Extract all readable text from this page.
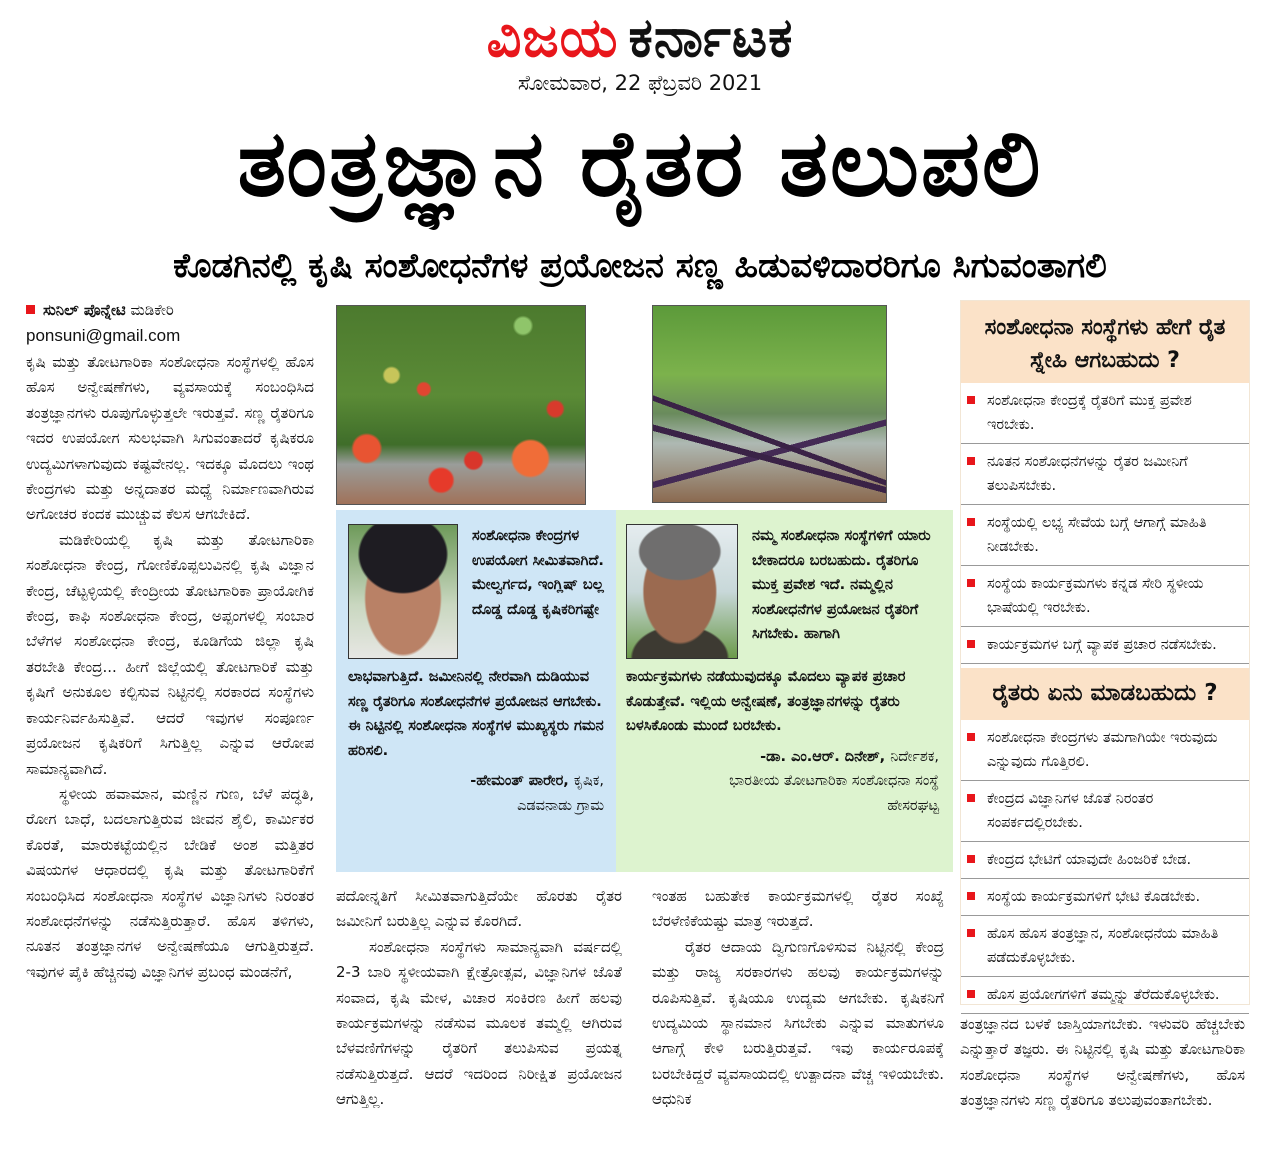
ವಿಜಯ ಕರ್ನಾಟಕ
ಸೋಮವಾರ, 22 ಫೆಬ್ರವರಿ 2021
ತಂತ್ರಜ್ಞಾನ ರೈತರ ತಲುಪಲಿ
ಕೊಡಗಿನಲ್ಲಿ ಕೃಷಿ ಸಂಶೋಧನೆಗಳ ಪ್ರಯೋಜನ ಸಣ್ಣ ಹಿಡುವಳಿದಾರರಿಗೂ ಸಿಗುವಂತಾಗಲಿ
ಸುನಿಲ್ ಪೊನ್ನೇಟಿ ಮಡಿಕೇರಿ
ponsuni@gmail.com

ಕೃಷಿ ಮತ್ತು ತೋಟಗಾರಿಕಾ ಸಂಶೋಧನಾ ಸಂಸ್ಥೆಗಳಲ್ಲಿ ಹೊಸ ಹೊಸ ಅನ್ವೇಷಣೆಗಳು, ವ್ಯವಸಾಯಕ್ಕೆ ಸಂಬಂಧಿಸಿದ ತಂತ್ರಜ್ಞಾನಗಳು ರೂಪುಗೊಳ್ಳುತ್ತಲೇ ಇರುತ್ತವೆ. ಸಣ್ಣ ರೈತರಿಗೂ ಇದರ ಉಪಯೋಗ ಸುಲಭವಾಗಿ ಸಿಗುವಂತಾದರೆ ಕೃಷಿಕರೂ ಉದ್ಯಮಿಗಳಾಗುವುದು ಕಷ್ಟವೇನಲ್ಲ. ಇದಕ್ಕೂ ಮೊದಲು ಇಂಥ ಕೇಂದ್ರಗಳು ಮತ್ತು ಅನ್ನದಾತರ ಮಧ್ಯೆ ನಿರ್ಮಾಣವಾಗಿರುವ ಅಗೋಚರ ಕಂದಕ ಮುಚ್ಚುವ ಕೆಲಸ ಆಗಬೇಕಿದೆ.

ಮಡಿಕೇರಿಯಲ್ಲಿ ಕೃಷಿ ಮತ್ತು ತೋಟಗಾರಿಕಾ ಸಂಶೋಧನಾ ಕೇಂದ್ರ, ಗೋಣಿಕೊಪ್ಪಲುವಿನಲ್ಲಿ ಕೃಷಿ ವಿಜ್ಞಾನ ಕೇಂದ್ರ, ಚೆಟ್ಟಳ್ಳಿಯಲ್ಲಿ ಕೇಂದ್ರೀಯ ತೋಟಗಾರಿಕಾ ಪ್ರಾಯೋಗಿಕ ಕೇಂದ್ರ, ಕಾಫಿ ಸಂಶೋಧನಾ ಕೇಂದ್ರ, ಅಪ್ಪಂಗಳಲ್ಲಿ ಸಂಬಾರ ಬೆಳೆಗಳ ಸಂಶೋಧನಾ ಕೇಂದ್ರ, ಕೂಡಿಗೆಯ ಜಿಲ್ಲಾ ಕೃಷಿ ತರಬೇತಿ ಕೇಂದ್ರ... ಹೀಗೆ ಜಿಲ್ಲೆಯಲ್ಲಿ ತೋಟಗಾರಿಕೆ ಮತ್ತು ಕೃಷಿಗೆ ಅನುಕೂಲ ಕಲ್ಪಿಸುವ ನಿಟ್ಟಿನಲ್ಲಿ ಸರಕಾರದ ಸಂಸ್ಥೆಗಳು ಕಾರ್ಯನಿರ್ವಹಿಸುತ್ತಿವೆ. ಆದರೆ ಇವುಗಳ ಸಂಪೂರ್ಣ ಪ್ರಯೋಜನ ಕೃಷಿಕರಿಗೆ ಸಿಗುತ್ತಿಲ್ಲ ಎನ್ನುವ ಆರೋಪ ಸಾಮಾನ್ಯವಾಗಿದೆ.

ಸ್ಥಳೀಯ ಹವಾಮಾನ, ಮಣ್ಣಿನ ಗುಣ, ಬೆಳೆ ಪದ್ಧತಿ, ರೋಗ ಬಾಧೆ, ಬದಲಾಗುತ್ತಿರುವ ಜೀವನ ಶೈಲಿ, ಕಾರ್ಮಿಕರ ಕೊರತೆ, ಮಾರುಕಟ್ಟೆಯಲ್ಲಿನ ಬೇಡಿಕೆ ಅಂಶ ಮತ್ತಿತರ ವಿಷಯಗಳ ಆಧಾರದಲ್ಲಿ ಕೃಷಿ ಮತ್ತು ತೋಟಗಾರಿಕೆಗೆ ಸಂಬಂಧಿಸಿದ ಸಂಶೋಧನಾ ಸಂಸ್ಥೆಗಳ ವಿಜ್ಞಾನಿಗಳು ನಿರಂತರ ಸಂಶೋಧನೆಗಳನ್ನು ನಡೆಸುತ್ತಿರುತ್ತಾರೆ. ಹೊಸ ತಳಿಗಳು, ನೂತನ ತಂತ್ರಜ್ಞಾನಗಳ ಅನ್ವೇಷಣೆಯೂ ಆಗುತ್ತಿರುತ್ತದೆ. ಇವುಗಳ ಪೈಕಿ ಹೆಚ್ಚಿನವು ವಿಜ್ಞಾನಿಗಳ ಪ್ರಬಂಧ ಮಂಡನೆಗೆ,

ಸಂಶೋಧನಾ ಕೇಂದ್ರಗಳ ಉಪಯೋಗ ಸೀಮಿತವಾಗಿದೆ. ಮೇಲ್ವರ್ಗದ, ಇಂಗ್ಲಿಷ್ ಬಲ್ಲ ದೊಡ್ಡ ದೊಡ್ಡ ಕೃಷಿಕರಿಗಷ್ಟೇ

ಲಾಭವಾಗುತ್ತಿದೆ. ಜಮೀನಿನಲ್ಲಿ ನೇರವಾಗಿ ದುಡಿಯುವ ಸಣ್ಣ ರೈತರಿಗೂ ಸಂಶೋಧನೆಗಳ ಪ್ರಯೋಜನ ಆಗಬೇಕು. ಈ ನಿಟ್ಟಿನಲ್ಲಿ ಸಂಶೋಧನಾ ಸಂಸ್ಥೆಗಳ ಮುಖ್ಯಸ್ಥರು ಗಮನ ಹರಿಸಲಿ.

-ಹೇಮಂತ್ ಪಾರೇರ, ಕೃಷಿಕ,
ಎಡವನಾಡು ಗ್ರಾಮ

ನಮ್ಮ ಸಂಶೋಧನಾ ಸಂಸ್ಥೆಗಳಿಗೆ ಯಾರು ಬೇಕಾದರೂ ಬರಬಹುದು. ರೈತರಿಗೂ ಮುಕ್ತ ಪ್ರವೇಶ ಇದೆ. ನಮ್ಮಲ್ಲಿನ ಸಂಶೋಧನೆಗಳ ಪ್ರಯೋಜನ ರೈತರಿಗೆ ಸಿಗಬೇಕು. ಹಾಗಾಗಿ

ಕಾರ್ಯಕ್ರಮಗಳು ನಡೆಯುವುದಕ್ಕೂ ಮೊದಲು ವ್ಯಾಪಕ ಪ್ರಚಾರ ಕೊಡುತ್ತೇವೆ. ಇಲ್ಲಿಯ ಅನ್ವೇಷಣೆ, ತಂತ್ರಜ್ಞಾನಗಳನ್ನು ರೈತರು ಬಳಸಿಕೊಂಡು ಮುಂದೆ ಬರಬೇಕು.

-ಡಾ. ಎಂ.ಆರ್. ದಿನೇಶ್, ನಿರ್ದೇಶಕ,
ಭಾರತೀಯ ತೋಟಗಾರಿಕಾ ಸಂಶೋಧನಾ ಸಂಸ್ಥೆ
ಹೇಸರಘಟ್ಟ

ಪದೋನ್ನತಿಗೆ ಸೀಮಿತವಾಗುತ್ತಿದೆಯೇ ಹೊರತು ರೈತರ ಜಮೀನಿಗೆ ಬರುತ್ತಿಲ್ಲ ಎನ್ನುವ ಕೊರಗಿದೆ.

ಸಂಶೋಧನಾ ಸಂಸ್ಥೆಗಳು ಸಾಮಾನ್ಯವಾಗಿ ವರ್ಷದಲ್ಲಿ 2-3 ಬಾರಿ ಸ್ಥಳೀಯವಾಗಿ ಕ್ಷೇತ್ರೋತ್ಸವ, ವಿಜ್ಞಾನಿಗಳ ಜೊತೆ ಸಂವಾದ, ಕೃಷಿ ಮೇಳ, ವಿಚಾರ ಸಂಕಿರಣ ಹೀಗೆ ಹಲವು ಕಾರ್ಯಕ್ರಮಗಳನ್ನು ನಡೆಸುವ ಮೂಲಕ ತಮ್ಮಲ್ಲಿ ಆಗಿರುವ ಬೆಳವಣಿಗೆಗಳನ್ನು ರೈತರಿಗೆ ತಲುಪಿಸುವ ಪ್ರಯತ್ನ ನಡೆಸುತ್ತಿರುತ್ತದೆ. ಆದರೆ ಇದರಿಂದ ನಿರೀಕ್ಷಿತ ಪ್ರಯೋಜನ ಆಗುತ್ತಿಲ್ಲ.

ಇಂತಹ ಬಹುತೇಕ ಕಾರ್ಯಕ್ರಮಗಳಲ್ಲಿ ರೈತರ ಸಂಖ್ಯೆ ಬೆರಳೆಣಿಕೆಯಷ್ಟು ಮಾತ್ರ ಇರುತ್ತದೆ.

ರೈತರ ಆದಾಯ ದ್ವಿಗುಣಗೊಳಿಸುವ ನಿಟ್ಟಿನಲ್ಲಿ ಕೇಂದ್ರ ಮತ್ತು ರಾಜ್ಯ ಸರಕಾರಗಳು ಹಲವು ಕಾರ್ಯಕ್ರಮಗಳನ್ನು ರೂಪಿಸುತ್ತಿವೆ. ಕೃಷಿಯೂ ಉದ್ಯಮ ಆಗಬೇಕು. ಕೃಷಿಕನಿಗೆ ಉದ್ಯಮಿಯ ಸ್ಥಾನಮಾನ ಸಿಗಬೇಕು ಎನ್ನುವ ಮಾತುಗಳೂ ಆಗಾಗ್ಗೆ ಕೇಳಿ ಬರುತ್ತಿರುತ್ತವೆ. ಇವು ಕಾರ್ಯರೂಪಕ್ಕೆ ಬರಬೇಕಿದ್ದರೆ ವ್ಯವಸಾಯದಲ್ಲಿ ಉತ್ಪಾದನಾ ವೆಚ್ಚ ಇಳಿಯಬೇಕು. ಆಧುನಿಕ

ಸಂಶೋಧನಾ ಸಂಸ್ಥೆಗಳು ಹೇಗೆ ರೈತ ಸ್ನೇಹಿ ಆಗಬಹುದು ?
ಸಂಶೋಧನಾ ಕೇಂದ್ರಕ್ಕೆ ರೈತರಿಗೆ ಮುಕ್ತ ಪ್ರವೇಶ ಇರಬೇಕು.
ನೂತನ ಸಂಶೋಧನೆಗಳನ್ನು ರೈತರ ಜಮೀನಿಗೆ ತಲುಪಿಸಬೇಕು.
ಸಂಸ್ಥೆಯಲ್ಲಿ ಲಭ್ಯ ಸೇವೆಯ ಬಗ್ಗೆ ಆಗಾಗ್ಗೆ ಮಾಹಿತಿ ನೀಡಬೇಕು.
ಸಂಸ್ಥೆಯ ಕಾರ್ಯಕ್ರಮಗಳು ಕನ್ನಡ ಸೇರಿ ಸ್ಥಳೀಯ ಭಾಷೆಯಲ್ಲಿ ಇರಬೇಕು.
ಕಾರ್ಯಕ್ರಮಗಳ ಬಗ್ಗೆ ವ್ಯಾಪಕ ಪ್ರಚಾರ ನಡೆಸಬೇಕು.
ರೈತರು ಏನು ಮಾಡಬಹುದು ?
ಸಂಶೋಧನಾ ಕೇಂದ್ರಗಳು ತಮಗಾಗಿಯೇ ಇರುವುದು ಎನ್ನುವುದು ಗೊತ್ತಿರಲಿ.
ಕೇಂದ್ರದ ವಿಜ್ಞಾನಿಗಳ ಜೊತೆ ನಿರಂತರ ಸಂಪರ್ಕದಲ್ಲಿರಬೇಕು.
ಕೇಂದ್ರದ ಭೇಟಿಗೆ ಯಾವುದೇ ಹಿಂಜರಿಕೆ ಬೇಡ.
ಸಂಸ್ಥೆಯ ಕಾರ್ಯಕ್ರಮಗಳಿಗೆ ಭೇಟಿ ಕೊಡಬೇಕು.
ಹೊಸ ಹೊಸ ತಂತ್ರಜ್ಞಾನ, ಸಂಶೋಧನೆಯ ಮಾಹಿತಿ ಪಡೆದುಕೊಳ್ಳಬೇಕು.
ಹೊಸ ಪ್ರಯೋಗಗಳಿಗೆ ತಮ್ಮನ್ನು ತೆರೆದುಕೊಳ್ಳಬೇಕು.

ತಂತ್ರಜ್ಞಾನದ ಬಳಕೆ ಜಾಸ್ತಿಯಾಗಬೇಕು. ಇಳುವರಿ ಹೆಚ್ಚಬೇಕು ಎನ್ನುತ್ತಾರೆ ತಜ್ಞರು. ಈ ನಿಟ್ಟಿನಲ್ಲಿ ಕೃಷಿ ಮತ್ತು ತೋಟಗಾರಿಕಾ ಸಂಶೋಧನಾ ಸಂಸ್ಥೆಗಳ ಅನ್ವೇಷಣೆಗಳು, ಹೊಸ ತಂತ್ರಜ್ಞಾನಗಳು ಸಣ್ಣ ರೈತರಿಗೂ ತಲುಪುವಂತಾಗಬೇಕು.
